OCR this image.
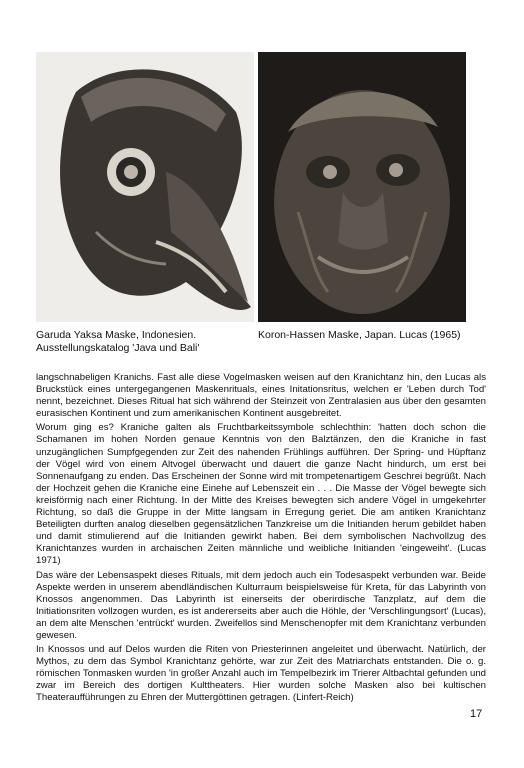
Garuda Yaksa Maske, Indonesien.
Ausstellungskatalog 'Java und Bali'
Koron-Hassen Maske, Japan. Lucas (1965)

langschnabeligen Kranichs. Fast alle diese Vogelmasken weisen auf den Kranichtanz hin, den Lucas als Bruckstück eines untergegangenen Maskenrituals, eines Initationsritus, welchen er 'Leben durch Tod' nennt, bezeichnet. Dieses Ritual hat sich während der Steinzeit von Zentralasien aus über den gesamten eurasischen Kontinent und zum amerikanischen Kontinent ausgebreitet.

Worum ging es? Kraniche galten als Fruchtbarkeitssymbole schlechthin: 'hatten doch schon die Schamanen im hohen Norden genaue Kenntnis von den Balztänzen, den die Kraniche in fast unzugänglichen Sumpfgegenden zur Zeit des nahenden Frühlings aufführen. Der Spring- und Hüpftanz der Vögel wird von einem Altvogel überwacht und dauert die ganze Nacht hindurch, um erst bei Sonnenaufgang zu enden. Das Erscheinen der Sonne wird mit trompetenartigem Geschrei begrüßt. Nach der Hochzeit gehen die Kraniche eine Einehe auf Lebenszeit ein . . . Die Masse der Vögel bewegte sich kreisförmig nach einer Richtung. In der Mitte des Kreises bewegten sich andere Vögel in umgekehrter Richtung, so daß die Gruppe in der Mitte langsam in Erregung geriet. Die am antiken Kranichtanz Beteiligten durften analog dieselben gegensätzlichen Tanzkreise um die Initianden herum gebildet haben und damit stimulierend auf die Initianden gewirkt haben. Bei dem symbolischen Nachvollzug des Kranichtanzes wurden in archaischen Zeiten männliche und weibliche Initianden 'eingeweiht'. (Lucas 1971)

Das wäre der Lebensaspekt dieses Rituals, mit dem jedoch auch ein Todesaspekt verbunden war. Beide Aspekte werden in unserem abendländischen Kulturraum beispielsweise für Kreta, für das Labyrinth von Knossos angenommen. Das Labyrinth ist einerseits der oberirdische Tanzplatz, auf dem die Initiationsriten vollzogen wurden, es ist andererseits aber auch die Höhle, der 'Verschlingungsort' (Lucas), an dem alte Menschen 'entrückt' wurden. Zweifellos sind Menschenopfer mit dem Kranichtanz verbunden gewesen.

In Knossos und auf Delos wurden die Riten von Priesterinnen angeleitet und überwacht. Natürlich, der Mythos, zu dem das Symbol Kranichtanz gehörte, war zur Zeit des Matriarchats entstanden. Die o. g. römischen Tonmasken wurden 'in großer Anzahl auch im Tempelbezirk im Trierer Altbachtal gefunden und zwar im Bereich des dortigen Kulttheaters. Hier wurden solche Masken also bei kultischen Theateraufführungen zu Ehren der Muttergöttinen getragen. (Linfert-Reich)

17
